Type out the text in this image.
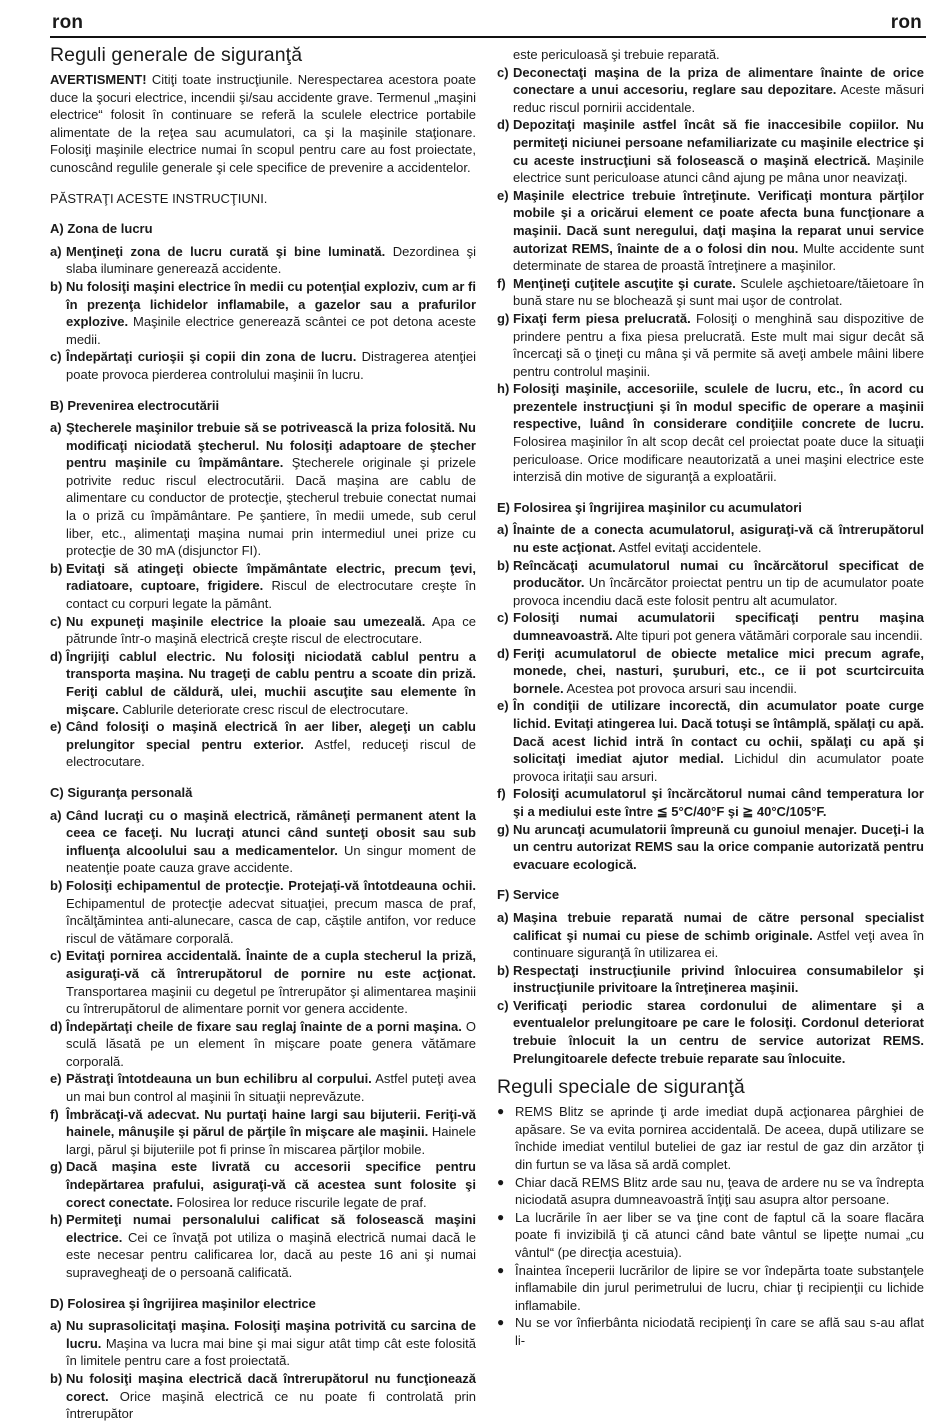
ron	ron
Reguli generale de siguranţă

AVERTISMENT! Citiţi toate instrucţiunile. Nerespectarea acestora poate duce la şocuri electrice, incendii şi/sau accidente grave. Termenul „maşini electrice“ folosit în continuare se referă la sculele electrice portabile alimentate de la reţea sau acumulatori, ca şi la maşinile staţionare. Folosiţi maşinile electrice numai în scopul pentru care au fost proiectate, cunoscând regulile generale şi cele specifice de prevenire a accidentelor.

PĂSTRAŢI ACESTE INSTRUCŢIUNI.

A) Zona de lucru
a) Menţineţi zona de lucru curată şi bine luminată. Dezordinea şi slaba iluminare generează accidente.
b) Nu folosiţi maşini electrice în medii cu potenţial exploziv, cum ar fi în prezenţa lichidelor inflamabile, a gazelor sau a prafurilor explozive. Maşinile electrice generează scântei ce pot detona aceste medii.
c) Îndepărtaţi curioşii şi copii din zona de lucru. Distragerea atenţiei poate provoca pierderea controlului maşinii în lucru.
B) Prevenirea electrocutării
a) Ştecherele maşinilor trebuie să se potrivească la priza folosită. Nu modificaţi niciodată ştecherul. Nu folosiţi adaptoare de ştecher pentru maşinile cu împământare. Ştecherele originale şi prizele potrivite reduc riscul electrocutării. Dacă maşina are cablu de alimentare cu conductor de protecţie, ştecherul trebuie conectat numai la o priză cu împământare. Pe şantiere, în medii umede, sub cerul liber, etc., alimentaţi maşina numai prin intermediul unei prize cu protecţie de 30 mA (disjunctor FI).
b) Evitaţi să atingeţi obiecte împământate electric, precum ţevi, radiatoare, cuptoare, frigidere. Riscul de electrocutare creşte în contact cu corpuri legate la pământ.
c) Nu expuneţi maşinile electrice la ploaie sau umezeală. Apa ce pătrunde într-o maşină electrică creşte riscul de electrocutare.
d) Îngrijiţi cablul electric. Nu folosiţi niciodată cablul pentru a transporta maşina. Nu trageţi de cablu pentru a scoate din priză. Feriţi cablul de căldură, ulei, muchii ascuţite sau elemente în mişcare. Cablurile deteriorate cresc riscul de electrocutare.
e) Când folosiţi o maşină electrică în aer liber, alegeţi un cablu prelungitor special pentru exterior. Astfel, reduceţi riscul de electrocutare.
C) Siguranţa personală
a) Când lucraţi cu o maşină electrică, rămâneţi permanent atent la ceea ce faceţi. Nu lucraţi atunci când sunteţi obosit sau sub influenţa alcoolului sau a medicamentelor. Un singur moment de neatenţie poate cauza grave accidente.
b) Folosiţi echipamentul de protecţie. Protejaţi-vă întotdeauna ochii. Echipamentul de protecţie adecvat situaţiei, precum masca de praf, încălţămintea anti-alunecare, casca de cap, căştile antifon, vor reduce riscul de vătămare corporală.
c) Evitaţi pornirea accidentală. Înainte de a cupla stecherul la priză, asiguraţi-vă că întrerupătorul de pornire nu este acţionat. Transportarea maşinii cu degetul pe întrerupător şi alimentarea maşinii cu întrerupătorul de alimentare pornit vor genera accidente.
d) Îndepărtaţi cheile de fixare sau reglaj înainte de a porni maşina. O sculă lăsată pe un element în mişcare poate genera vătămare corporală.
e) Păstraţi întotdeauna un bun echilibru al corpului. Astfel puteţi avea un mai bun control al maşinii în situaţii neprevăzute.
f) Îmbrăcaţi-vă adecvat. Nu purtaţi haine largi sau bijuterii. Feriţi-vă hainele, mânuşile şi părul de părţile în mişcare ale maşinii. Hainele largi, părul şi bijuteriile pot fi prinse în miscarea părţilor mobile.
g) Dacă maşina este livrată cu accesorii specifice pentru îndepărtarea prafului, asiguraţi-vă că acestea sunt folosite şi corect conectate. Folosirea lor reduce riscurile legate de praf.
h) Permiteţi numai personalului calificat să folosească maşini electrice. Cei ce învaţă pot utiliza o maşină electrică numai dacă le este necesar pentru calificarea lor, dacă au peste 16 ani şi numai supravegheaţi de o persoană calificată.
D) Folosirea şi îngrijirea maşinilor electrice
a) Nu suprasolicitaţi maşina. Folosiţi maşina potrivită cu sarcina de lucru. Maşina va lucra mai bine şi mai sigur atât timp cât este folosită în limitele pentru care a fost proiectată.
b) Nu folosiţi maşina electrică dacă întrerupătorul nu funcţionează corect. Orice maşină electrică ce nu poate fi controlată prin întrerupător
este periculoasă şi trebuie reparată.
c) Deconectaţi maşina de la priza de alimentare înainte de orice conectare a unui accesoriu, reglare sau depozitare. Aceste măsuri reduc riscul pornirii accidentale.
d) Depozitaţi maşinile astfel încât să fie inaccesibile copiilor. Nu permiteţi niciunei persoane nefamiliarizate cu maşinile electrice şi cu aceste instrucţiuni să folosească o maşină electrică. Maşinile electrice sunt periculoase atunci când ajung pe mâna unor neavizaţi.
e) Maşinile electrice trebuie întreţinute. Verificaţi montura părţilor mobile şi a oricărui element ce poate afecta buna funcţionare a maşinii. Dacă sunt neregului, daţi maşina la reparat unui service autorizat REMS, înainte de a o folosi din nou. Multe accidente sunt determinate de starea de proastă întreţinere a maşinilor.
f) Menţineţi cuţitele ascuţite şi curate. Sculele aşchietoare/tăietoare în bună stare nu se blochează şi sunt mai uşor de controlat.
g) Fixaţi ferm piesa prelucrată. Folosiţi o menghină sau dispozitive de prindere pentru a fixa piesa prelucrată. Este mult mai sigur decât să încercaţi să o ţineţi cu mâna şi vă permite să aveţi ambele mâini libere pentru controlul maşinii.
h) Folosiţi maşinile, accesoriile, sculele de lucru, etc., în acord cu prezentele instrucţiuni şi în modul specific de operare a maşinii respective, luând în considerare condiţiile concrete de lucru. Folosirea maşinilor în alt scop decât cel proiectat poate duce la situaţii periculoase. Orice modificare neautorizată a unei maşini electrice este interzisă din motive de siguranţă a exploatării.
E) Folosirea şi îngrijirea maşinilor cu acumulatori
a) Înainte de a conecta acumulatorul, asiguraţi-vă că întrerupătorul nu este acţionat. Astfel evitaţi accidentele.
b) Reîncăcaţi acumulatorul numai cu încărcătorul specificat de producător. Un încărcător proiectat pentru un tip de acumulator poate provoca incendiu dacă este folosit pentru alt acumulator.
c) Folosiţi numai acumulatorii specificaţi pentru maşina dumneavoastră. Alte tipuri pot genera vătămări corporale sau incendii.
d) Feriţi acumulatorul de obiecte metalice mici precum agrafe, monede, chei, nasturi, şuruburi, etc., ce ii pot scurtcircuita bornele. Acestea pot provoca arsuri sau incendii.
e) În condiţii de utilizare incorectă, din acumulator poate curge lichid. Evitaţi atingerea lui. Dacă totuşi se întâmplă, spălaţi cu apă. Dacă acest lichid intră în contact cu ochii, spălaţi cu apă şi solicitaţi imediat ajutor medial. Lichidul din acumulator poate provoca iritaţii sau arsuri.
f) Folosiţi acumulatorul şi încărcătorul numai când temperatura lor şi a mediului este între ≦ 5°C/40°F şi ≧ 40°C/105°F.
g) Nu aruncaţi acumulatorii împreună cu gunoiul menajer. Duceţi-i la un centru autorizat REMS sau la orice companie autorizată pentru evacuare ecologică.
F) Service
a) Maşina trebuie reparată numai de către personal specialist calificat şi numai cu piese de schimb originale. Astfel veţi avea în continuare siguranţă în utilizarea ei.
b) Respectaţi instrucţiunile privind înlocuirea consumabilelor şi instrucţiunile privitoare la întreţinerea maşinii.
c) Verificaţi periodic starea cordonului de alimentare şi a eventualelor prelungitoare pe care le folosiţi. Cordonul deteriorat trebuie înlocuit la un centru de service autorizat REMS. Prelungitoarele defecte trebuie reparate sau înlocuite.
Reguli speciale de siguranţă
● REMS Blitz se aprinde ţi arde imediat după acţionarea pârghiei de apăsare. Se va evita pornirea accidentală. De aceea, după utilizare se închide imediat ventilul buteliei de gaz iar restul de gaz din arzător ţi din furtun se va lăsa să ardă complet.
● Chiar dacă REMS Blitz arde sau nu, ţeava de ardere nu se va îndrepta niciodată asupra dumneavoastră înţiţi sau asupra altor persoane.
● La lucrările în aer liber se va ţine cont de faptul că la soare flacăra poate fi invizibilă ţi că atunci când bate vântul se lipeţte numai „cu vântul“ (pe direcţia acestuia).
● Înaintea începerii lucrărilor de lipire se vor îndepărta toate substanţele inflamabile din jurul perimetrului de lucru, chiar ţi recipienţii cu lichide inflamabile.
● Nu se vor înfierbânta niciodată recipienţi în care se află sau s-au aflat li-
